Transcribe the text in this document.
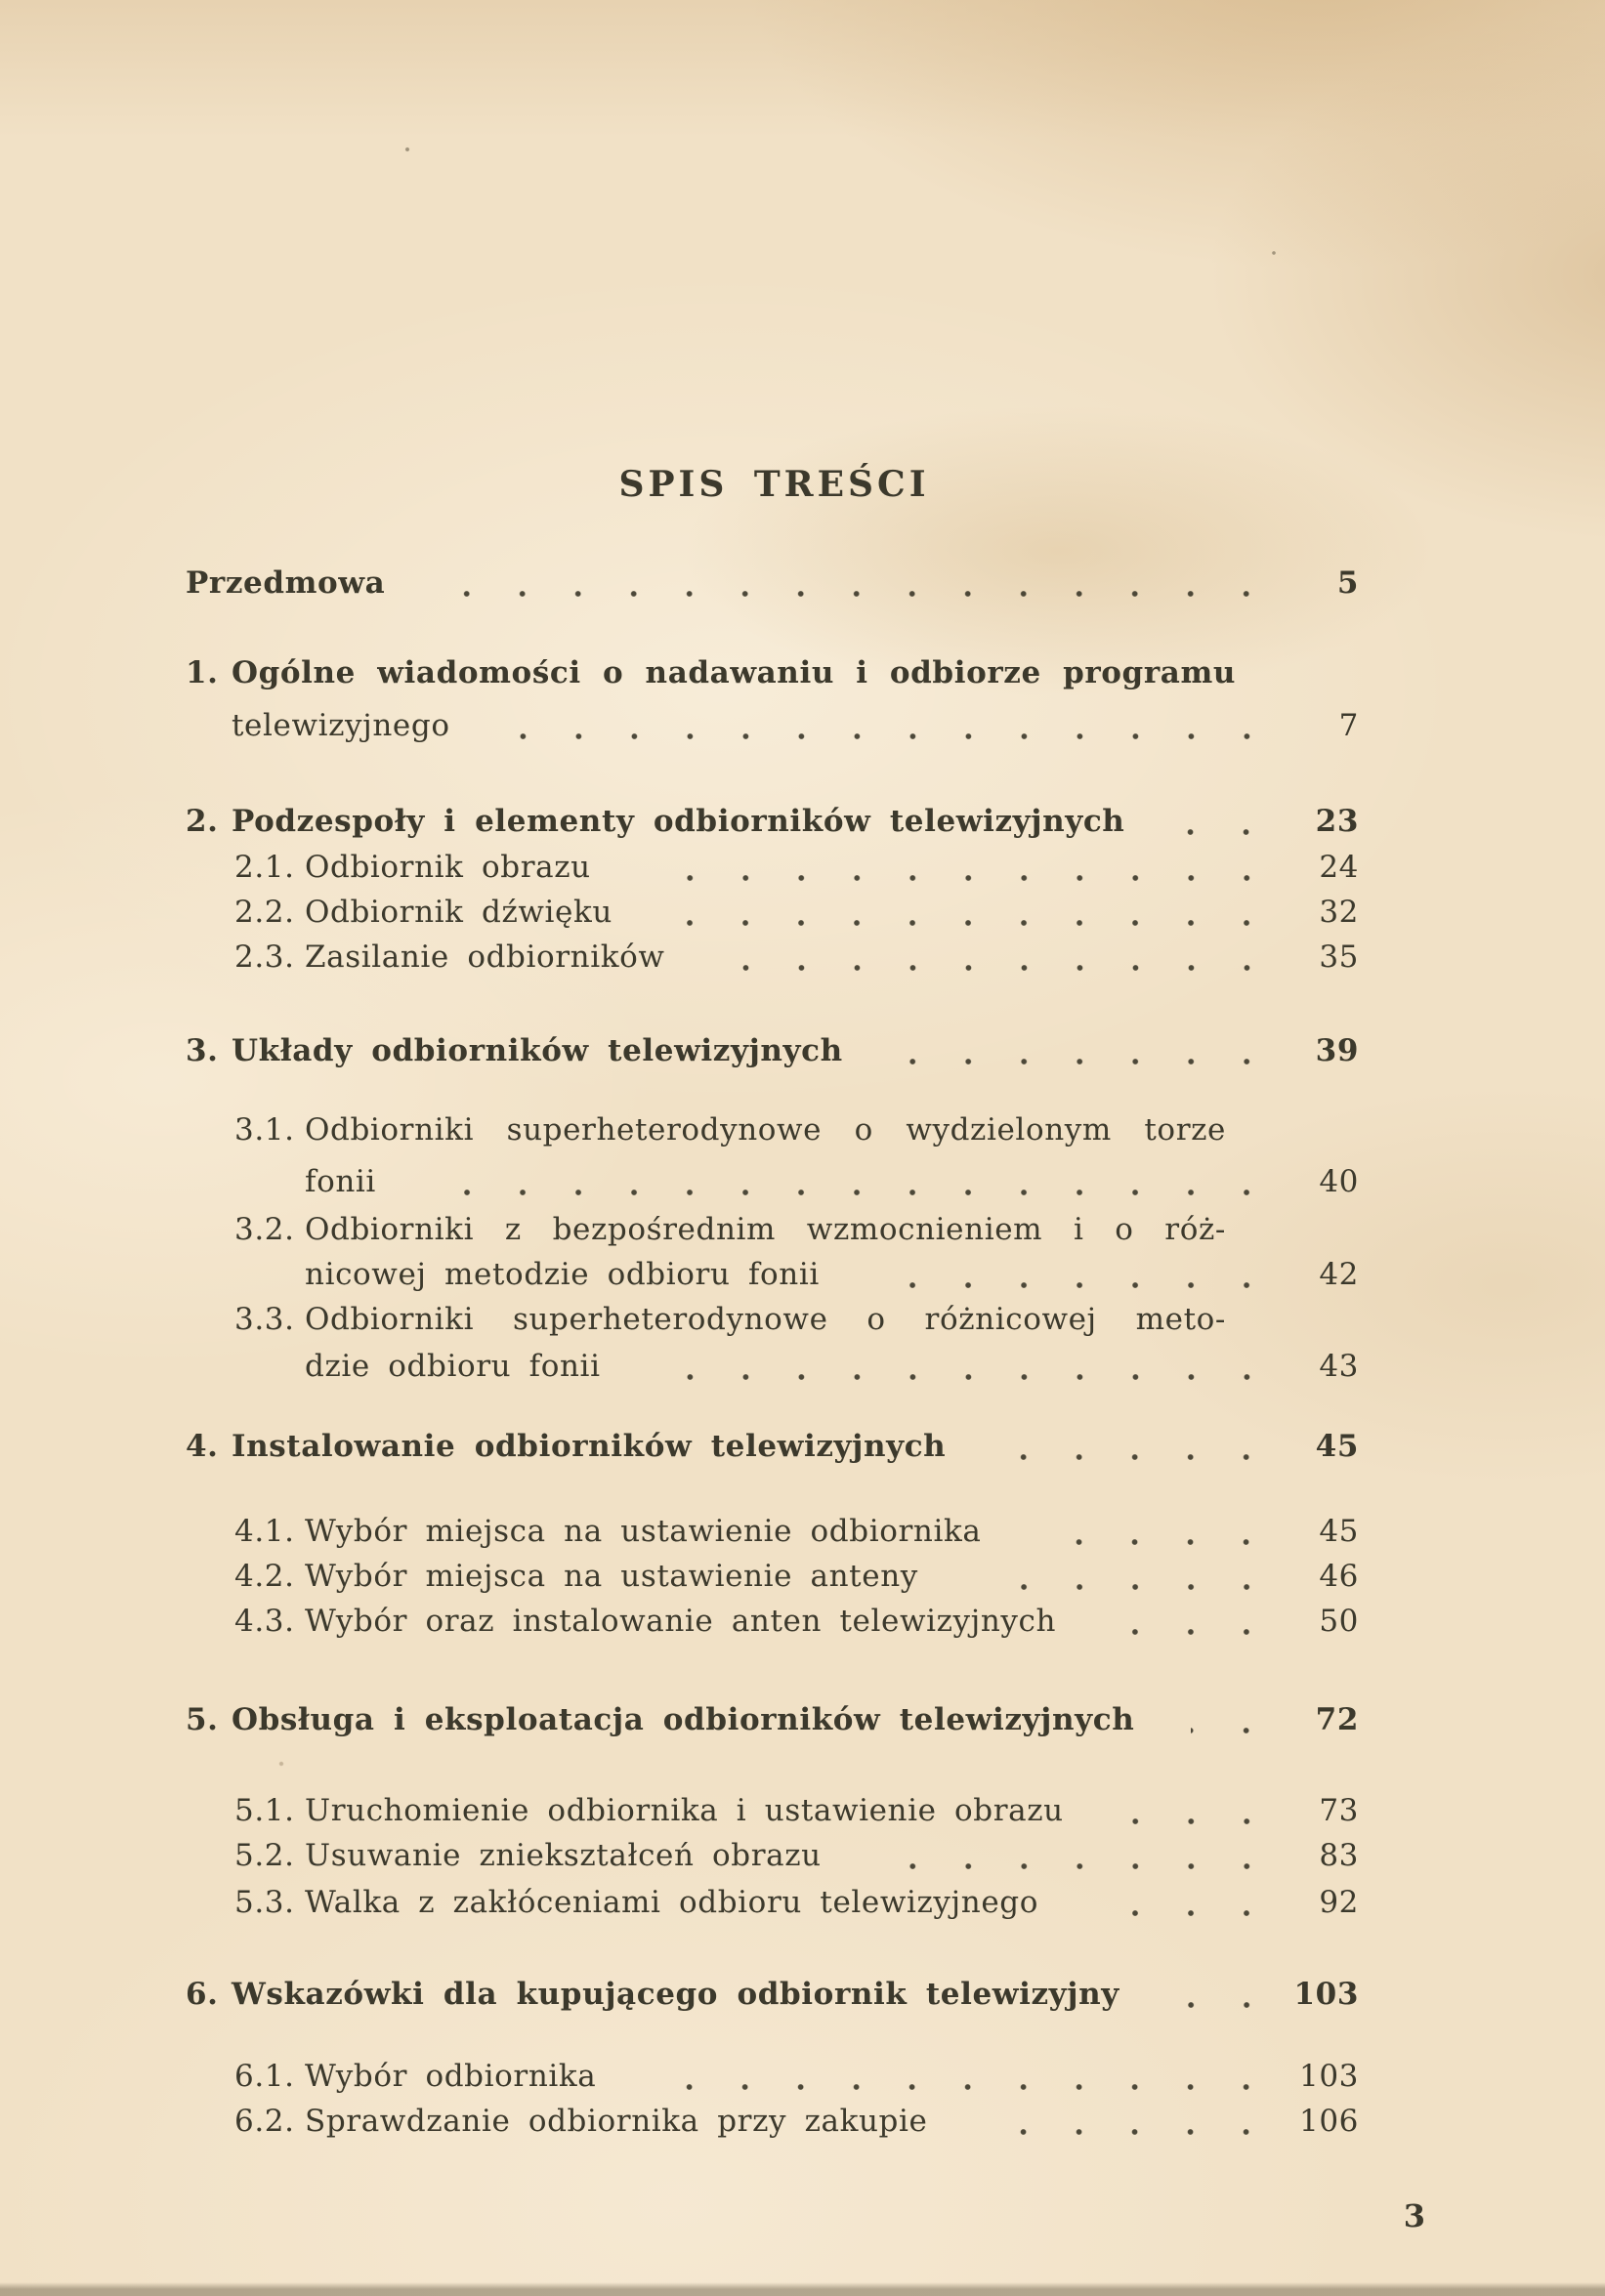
SPIS TREŚCI
Przedmowa	5
1. Ogólne wiadomości o nadawaniu i odbiorze programu
telewizyjnego	7
2. Podzespoły i elementy odbiorników telewizyjnych	23
2.1. Odbiornik obrazu	24
2.2. Odbiornik dźwięku	32
2.3. Zasilanie odbiorników	35
3. Układy odbiorników telewizyjnych	39
3.1. Odbiorniki superheterodynowe o wydzielonym torze
fonii	40
3.2. Odbiorniki z bezpośrednim wzmocnieniem i o róż-
nicowej metodzie odbioru fonii	42
3.3. Odbiorniki superheterodynowe o różnicowej meto-
dzie odbioru fonii	43
4. Instalowanie odbiorników telewizyjnych	45
4.1. Wybór miejsca na ustawienie odbiornika	45
4.2. Wybór miejsca na ustawienie anteny	46
4.3. Wybór oraz instalowanie anten telewizyjnych	50
5. Obsługa i eksploatacja odbiorników telewizyjnych	72
5.1. Uruchomienie odbiornika i ustawienie obrazu	73
5.2. Usuwanie zniekształceń obrazu	83
5.3. Walka z zakłóceniami odbioru telewizyjnego	92
6. Wskazówki dla kupującego odbiornik telewizyjny	103
6.1. Wybór odbiornika	103
6.2. Sprawdzanie odbiornika przy zakupie	106
3
